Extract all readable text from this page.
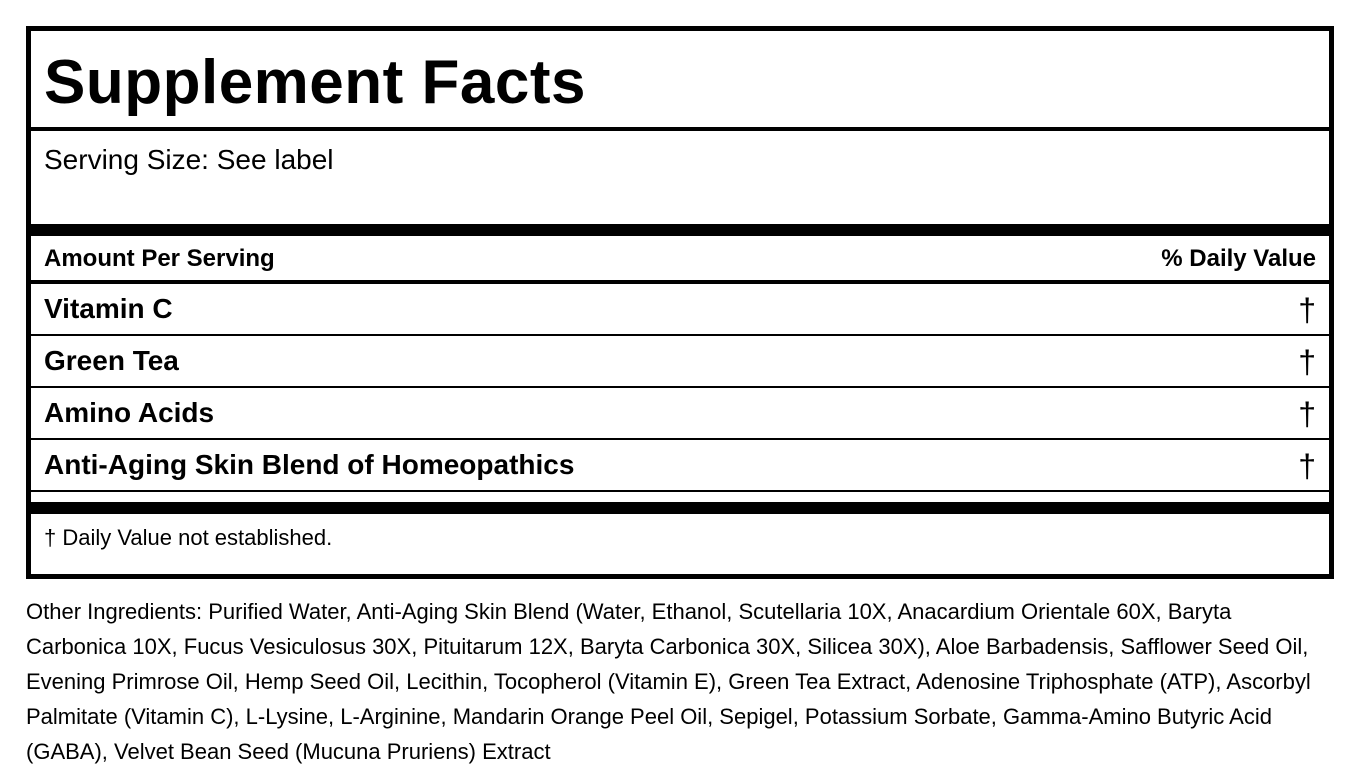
Supplement Facts
Serving Size: See label
Amount Per Serving	% Daily Value
Vitamin C	†
Green Tea	†
Amino Acids	†
Anti-Aging Skin Blend of Homeopathics	†
† Daily Value not established.

Other Ingredients: Purified Water, Anti-Aging Skin Blend (Water, Ethanol, Scutellaria 10X, Anacardium Orientale 60X, Baryta Carbonica 10X, Fucus Vesiculosus 30X, Pituitarum 12X, Baryta Carbonica 30X, Silicea 30X), Aloe Barbadensis, Safflower Seed Oil, Evening Primrose Oil, Hemp Seed Oil, Lecithin, Tocopherol (Vitamin E), Green Tea Extract, Adenosine Triphosphate (ATP), Ascorbyl Palmitate (Vitamin C), L-Lysine, L-Arginine, Mandarin Orange Peel Oil, Sepigel, Potassium Sorbate, Gamma-Amino Butyric Acid (GABA), Velvet Bean Seed (Mucuna Pruriens) Extract
